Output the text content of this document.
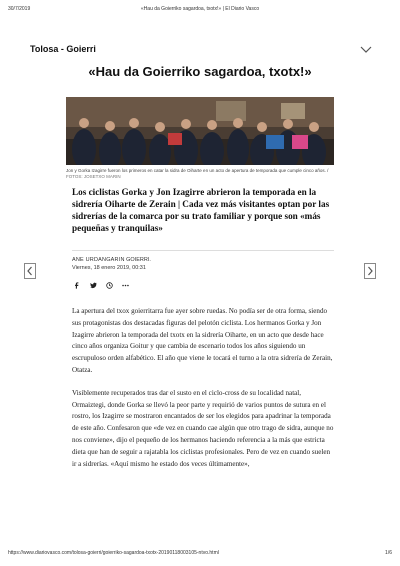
30/7/2019	«Hau da Goierriko sagardoa, txotx!» | El Diario Vasco
Tolosa - Goierri
«Hau da Goierriko sagardoa, txotx!»
Jon y Gorka Izagirre fueron los primeros en catar la sidra de Oiharte en un acto de apertura de temporada que cumple cinco años. / FOTOS: JOSETXO MARIN
Los ciclistas Gorka y Jon Izagirre abrieron la temporada en la sidrería Oiharte de Zerain | Cada vez más visitantes optan por las sidrerías de la comarca por su trato familiar y porque son «más pequeñas y tranquilas»
ANE URDANGARIN GOIERRI.
Viernes, 18 enero 2019, 00:31

La apertura del txox goierritarra fue ayer sobre ruedas. No podía ser de otra forma, siendo sus protagonistas dos destacadas figuras del pelotón ciclista. Los hermanos Gorka y Jon Izagirre abrieron la temporada del txotx en la sidrería Oiharte, en un acto que desde hace cinco años organiza Goitur y que cambia de escenario todos los años siguiendo un escrupuloso orden alfabético. El año que viene le tocará el turno a la otra sidrería de Zerain, Otatza.

Visiblemente recuperados tras dar el susto en el ciclo-cross de su localidad natal, Ormaiztegi, donde Gorka se llevó la peor parte y requirió de varios puntos de sutura en el rostro, los Izagirre se mostraron encantados de ser los elegidos para apadrinar la temporada de este año. Confesaron que «de vez en cuando cae algún que otro trago de sidra, aunque no nos conviene», dijo el pequeño de los hermanos haciendo referencia a la más que estricta dieta que han de seguir a rajatabla los ciclistas profesionales. Pero de vez en cuando suelen ir a sidrerías. «Aquí mismo he estado dos veces últimamente»,

https://www.diariovasco.com/tolosa-goierri/goierriko-sagardoa-txotx-20190118003105-ntvo.html	1/6
